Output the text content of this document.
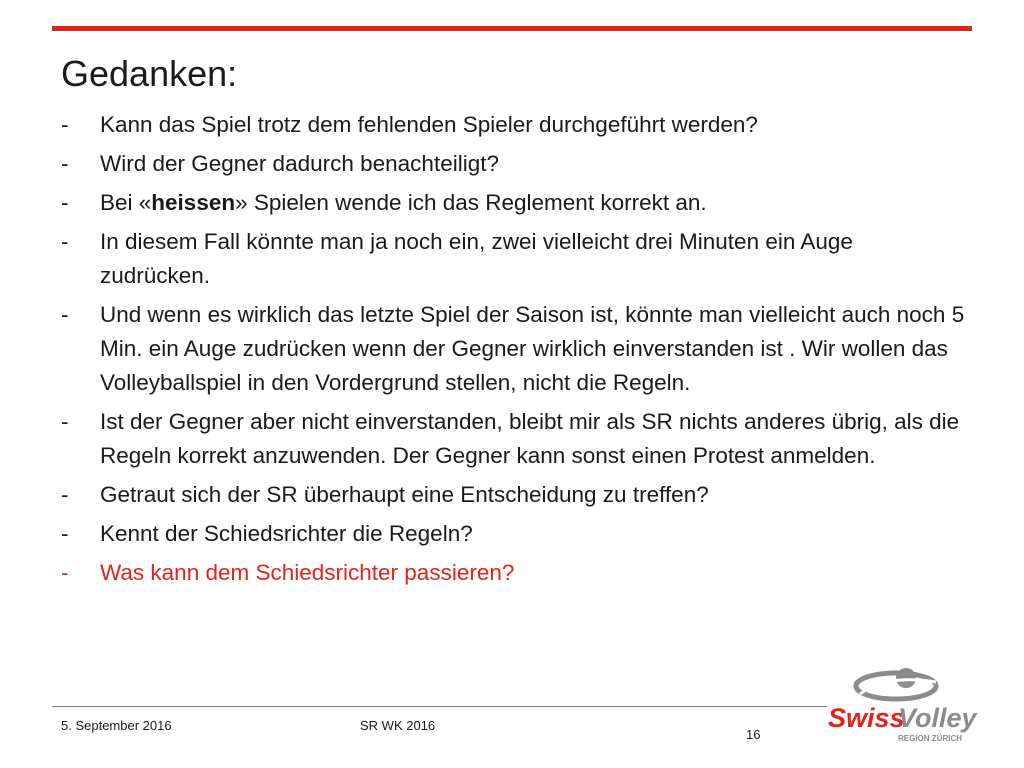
Gedanken:
- Kann das Spiel trotz dem fehlenden Spieler durchgeführt werden?
- Wird der Gegner dadurch benachteiligt?
- Bei «heissen» Spielen wende ich das Reglement korrekt an.
- In diesem Fall könnte man ja noch ein, zwei vielleicht drei Minuten ein Auge zudrücken.
- Und wenn es wirklich das letzte Spiel der Saison ist, könnte man vielleicht auch noch 5 Min. ein Auge zudrücken wenn der Gegner wirklich einverstanden ist . Wir wollen das Volleyballspiel in den Vordergrund stellen, nicht die Regeln.
- Ist der Gegner aber nicht einverstanden, bleibt mir als SR nichts anderes übrig, als die Regeln korrekt anzuwenden. Der Gegner kann sonst einen Protest anmelden.
- Getraut sich der SR überhaupt eine Entscheidung zu treffen?
- Kennt der Schiedsrichter die Regeln?
- Was kann dem Schiedsrichter passieren?
5. September 2016	SR WK 2016
16
Swiss
Volley
REGION ZÜRICH
